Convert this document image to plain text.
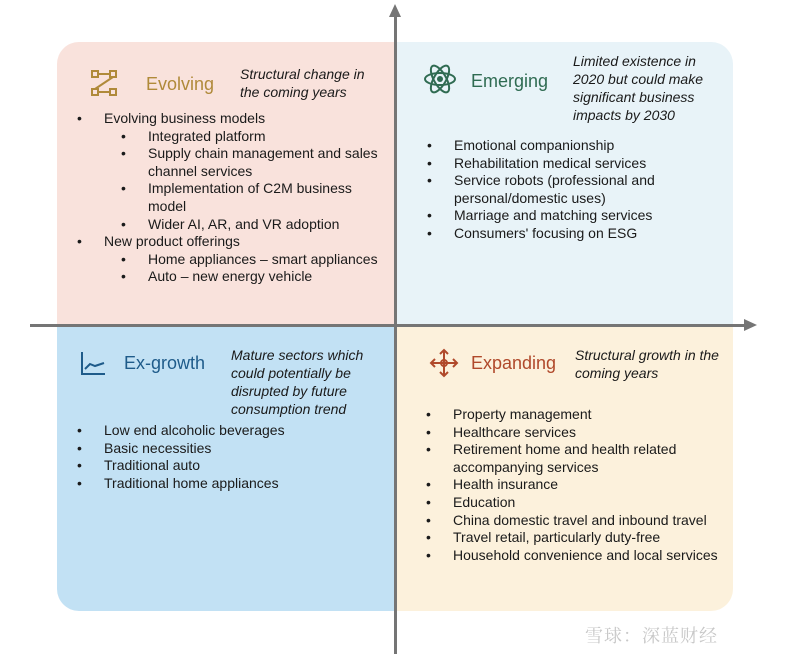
Evolving Structural change in the coming years
• Evolving business models
• Integrated platform
• Supply chain management and sales channel services
• Implementation of C2M business model
• Wider AI, AR, and VR adoption
• New product offerings
• Home appliances – smart appliances
• Auto – new energy vehicle
Emerging
Limited existence in 2020 but could make significant business impacts by 2030
• Emotional companionship
• Rehabilitation medical services
• Service robots (professional and personal/domestic uses)
• Marriage and matching services
• Consumers' focusing on ESG
Ex-growth Mature sectors which could potentially be disrupted by future consumption trend
• Low end alcoholic beverages
• Basic necessities
• Traditional auto
• Traditional home appliances
Expanding Structural growth in the coming years
• Property management
• Healthcare services
• Retirement home and health related accompanying services
• Health insurance
• Education
• China domestic travel and inbound travel
• Travel retail, particularly duty-free
• Household convenience and local services
雪球：深蓝财经
